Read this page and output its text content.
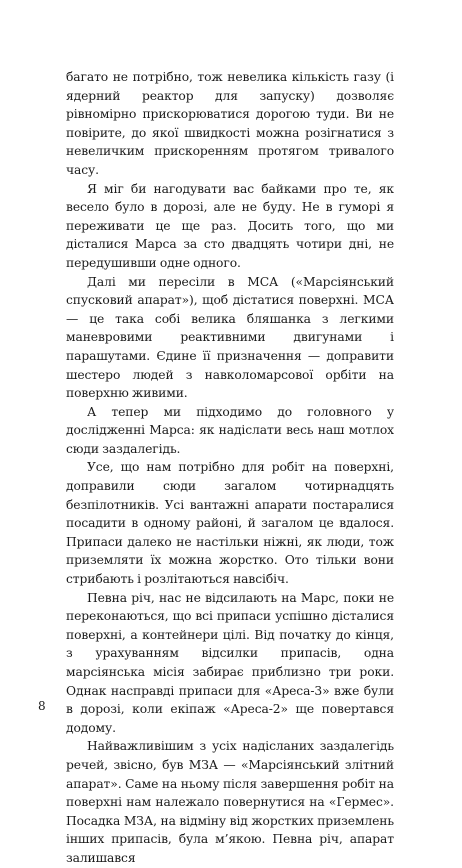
багато не потрібно, тож невелика кількість газу (і ядерний реактор для запуску) дозволяє рівномірно прискорюватися дорогою туди. Ви не повірите, до якої швидкості можна розігнатися з невеличким прискоренням протягом тривалого часу.

Я міг би нагодувати вас байками про те, як весело було в дорозі, але не буду. Не в гуморі я переживати це ще раз. Досить того, що ми дісталися Марса за сто двадцять чотири дні, не передушивши одне одного.

Далі ми пересіли в МСА («Марсіянський спусковий апарат»), щоб дістатися поверхні. МСА — це така собі велика бляшанка з легкими маневровими реактивними двигунами і парашутами. Єдине її призначення — доправити шестеро людей з навколомарсової орбіти на поверхню живими.

А тепер ми підходимо до головного у дослідженні Марса: як надіслати весь наш мотлох сюди заздалегідь.

Усе, що нам потрібно для робіт на поверхні, доправили сюди загалом чотирнадцять безпілотників. Усі вантажні апарати постаралися посадити в одному районі, й загалом це вдалося. Припаси далеко не настільки ніжні, як люди, тож приземляти їх можна жорстко. Ото тільки вони стрибають і розлітаються навсібіч.

Певна річ, нас не відсилають на Марс, поки не переконаються, що всі припаси успішно дісталися поверхні, а контейнери цілі. Від початку до кінця, з урахуванням відсилки припасів, одна марсіянська місія забирає приблизно три роки. Однак насправді припаси для «Ареса-3» вже були в дорозі, коли екіпаж «Ареса-2» ще повертався додому.

Найважливішим з усіх надісланих заздалегідь речей, звісно, був МЗА — «Марсіянський злітний апарат». Саме на ньому після завершення робіт на поверхні нам належало повернутися на «Гермес». Посадка МЗА, на відміну від жорстких приземлень інших припасів, була м’якою. Певна річ, апарат залишався

8
